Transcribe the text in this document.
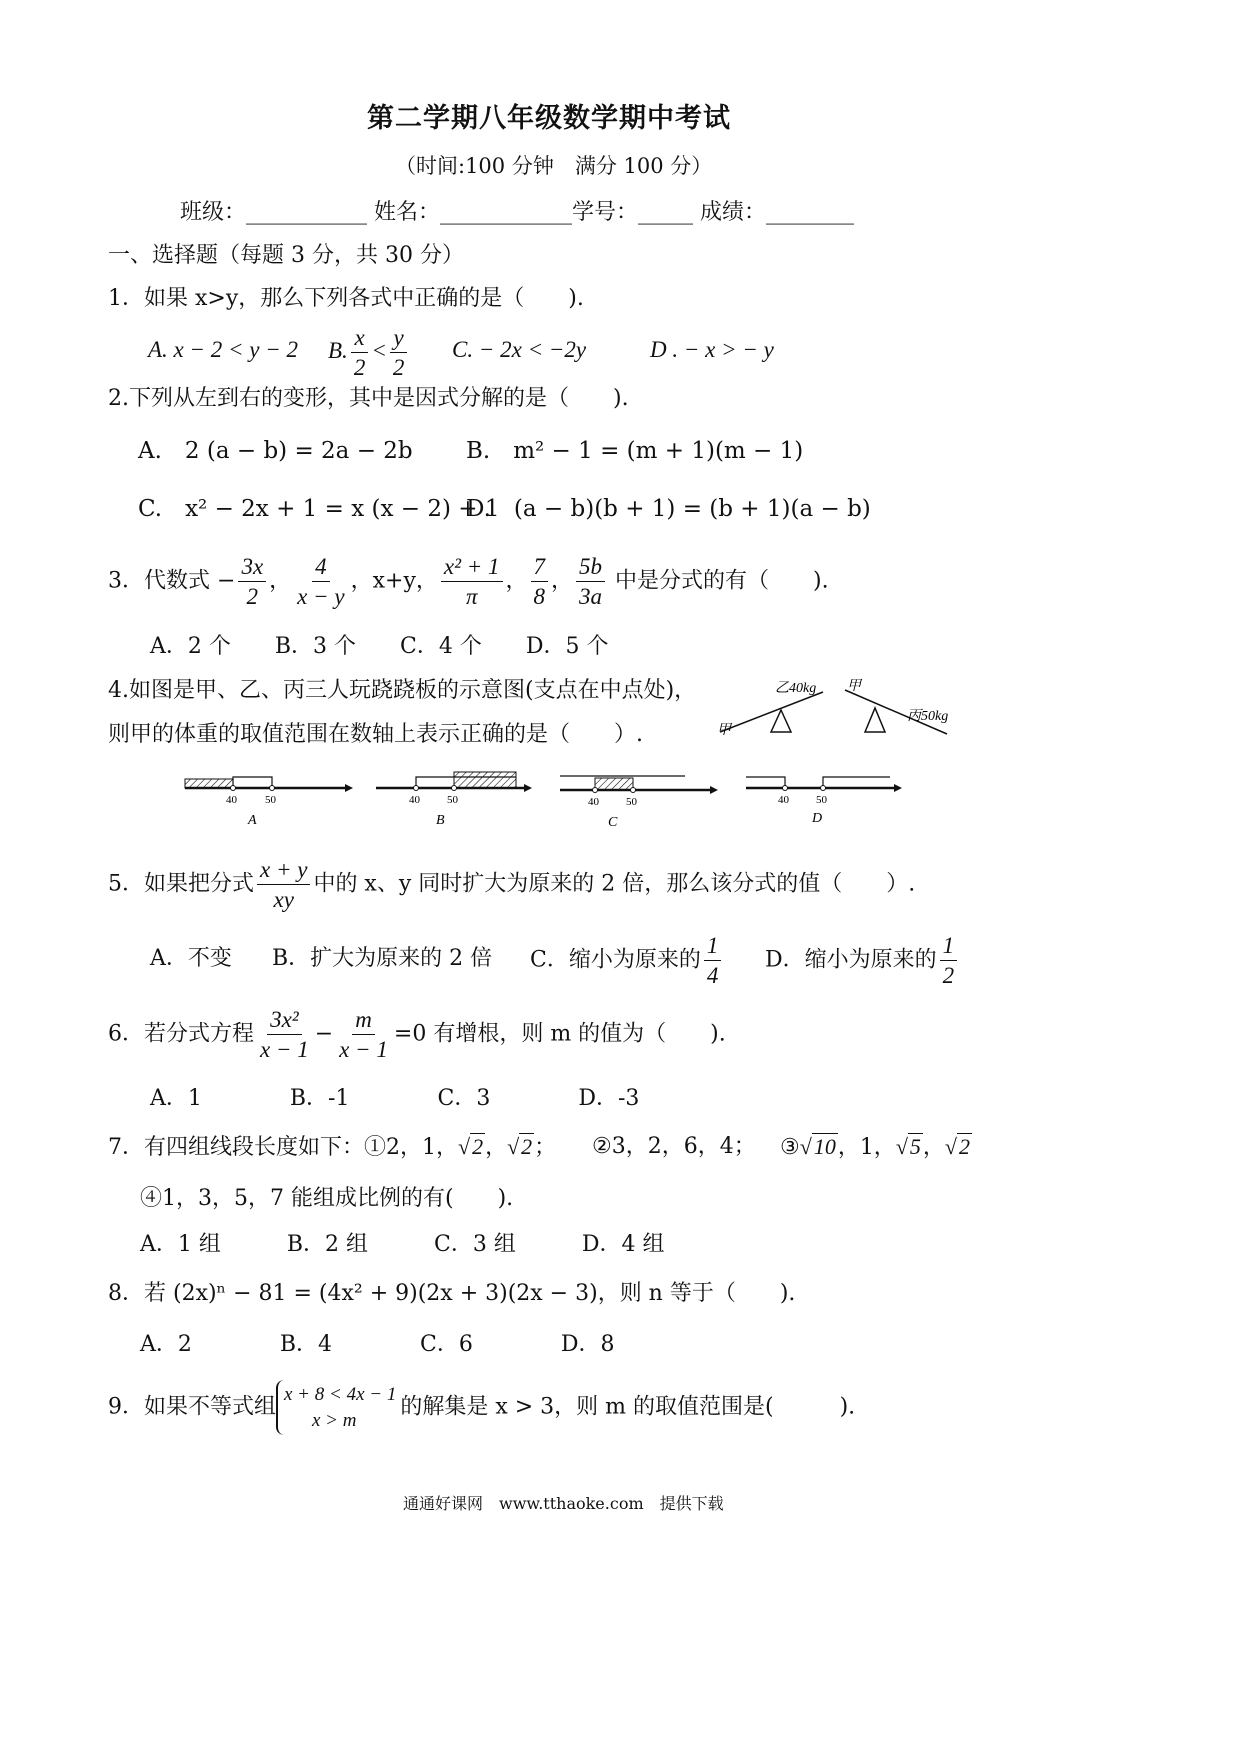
第二学期八年级数学期中考试
（时间:100 分钟　满分 100 分）
班级：___________ 姓名：____________学号：_____ 成绩：________
一、选择题（每题 3 分，共 30 分）
1．如果 x>y，那么下列各式中正确的是（　　).
A. x − 2 < y − 2 B. $\frac{x}{2} < \frac{y}{2} C$. − 2x < −2y	D . − x > − y
2.下列从左到右的变形，其中是因式分解的是（　　).
A.　2 (a − b) = 2a − 2b B.　m² − 1 = (m + 1)(m − 1)
C.　x² − 2x + 1 = x (x − 2) + 1
D.　(a − b)(b + 1) = (b + 1)(a − b)
3．代数式 − $\frac{3x}{2}$ ， $\frac{4}{x - y}$ ，x+y， $\frac{\text{x² + 1}}{\pi}$ ， $\frac{7}{8}$ ， $\frac{5b}{3a}$ 中是分式的有（　　).
A．2 个　　B．3 个　　C．4 个　　D．5 个
4.如图是甲、乙、丙三人玩跷跷板的示意图(支点在中点处)，
则甲的体重的取值范围在数轴上表示正确的是（　　）.
乙40kg 甲
丙50kg
甲
40	50
A
40 50
B
40 50
C
40 50
D
5．如果把分式 $\frac{x + y}{xy}$ 中的 x、y 同时扩大为原来的 2 倍，那么该分式的值（　　）.
A．不变 B．扩大为原来的 2 倍 C．缩小为原来的 $\frac{1}{4}$ D．缩小为原来的 $\frac{1}{2}$
6．若分式方程 $\frac{\text{3x²}}{x - 1} - \frac{m}{x - 1} =0$ 有增根，则 m 的值为（　　).
A．1　　　　B．-1　　　　C．3　　　　D．-3
7．有四组线段长度如下：①2，1，√2，√2； ②3，2，6，4； ③√10，1，√5，√2
④1，3，5，7 能组成比例的有(　　).
A．1 组　　　B．2 组　　　C．3 组　　　D．4 组
8．若 (2x)ⁿ − 81 = (4x² + 9)(2x + 3)(2x − 3)，则 n 等于（　　).
A．2　　　　B．4　　　　C．6　　　　D．8
9．如果不等式组
x + 8 < 4x − 1
x > m
的解集是 x > 3，则 m 的取值范围是(　　　).
通通好课网　www.tthaoke.com　提供下载
